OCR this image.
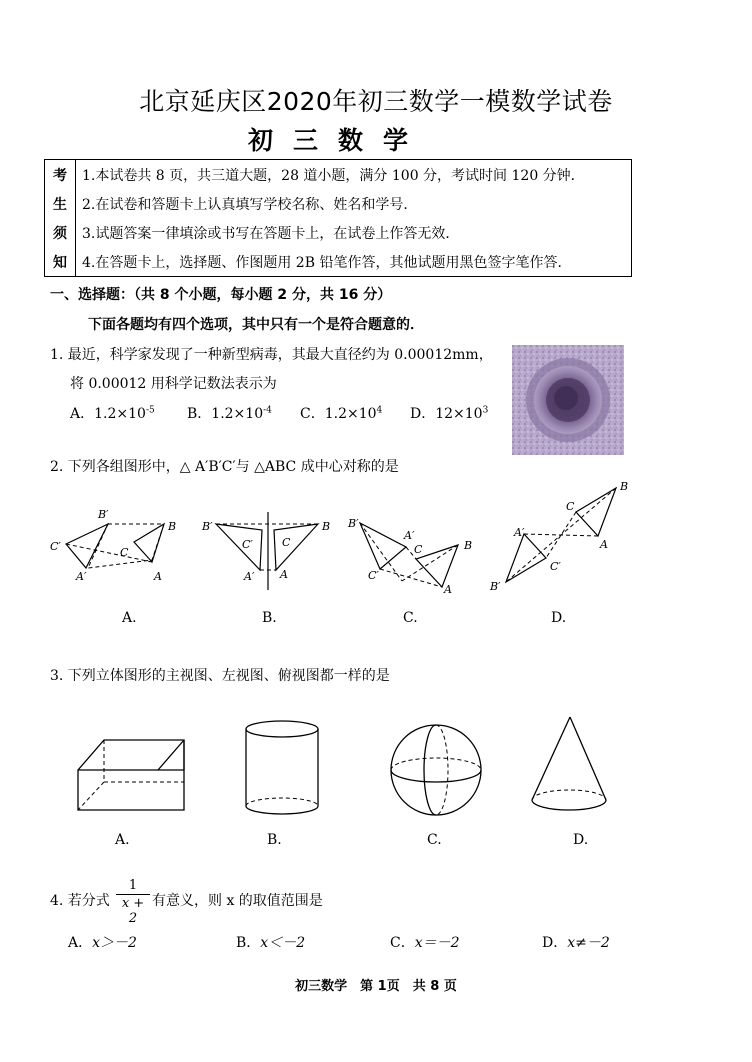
北京延庆区2020年初三数学一模数学试卷
初三数学
考	1.本试卷共 8 页，共三道大题，28 道小题，满分 100 分，考试时间 120 分钟．
生	2.在试卷和答题卡上认真填写学校名称、姓名和学号．
须	3.试题答案一律填涂或书写在答题卡上，在试卷上作答无效．
知	4.在答题卡上，选择题、作图题用 2B 铅笔作答，其他试题用黑色签字笔作答．
一、选择题：（共 8 个小题，每小题 2 分，共 16 分）
下面各题均有四个选项，其中只有一个是符合题意的．
1. 最近，科学家发现了一种新型病毒，其最大直径约为 0.00012mm，
将 0.00012 用科学记数法表示为
A．$1.2\times 10^{-5}$ B．$1.2\times 10^{-4}$ C．$1.2\times 10^4$ D．$12\times 10^3$
2. 下列各组图形中，△ A′B′C′与 △ABC 成中心对称的是
B′
B
C′	C
A′	A
B′	B
C′	C
A′ A
B′
A′
C	B
C′
A
B
C
A
A′
C′
B′
A.	B.	C.	D.
3. 下列立体图形的主视图、左视图、俯视图都一样的是
A.	B.	C.	D.
4. 若分式 $\frac{1}{x + 2}$ 有意义，则 x 的取值范围是
A．x＞－2	B．x＜－2	C．x＝－2	D．x≠－2
初三数学　第 1页　共 8 页
